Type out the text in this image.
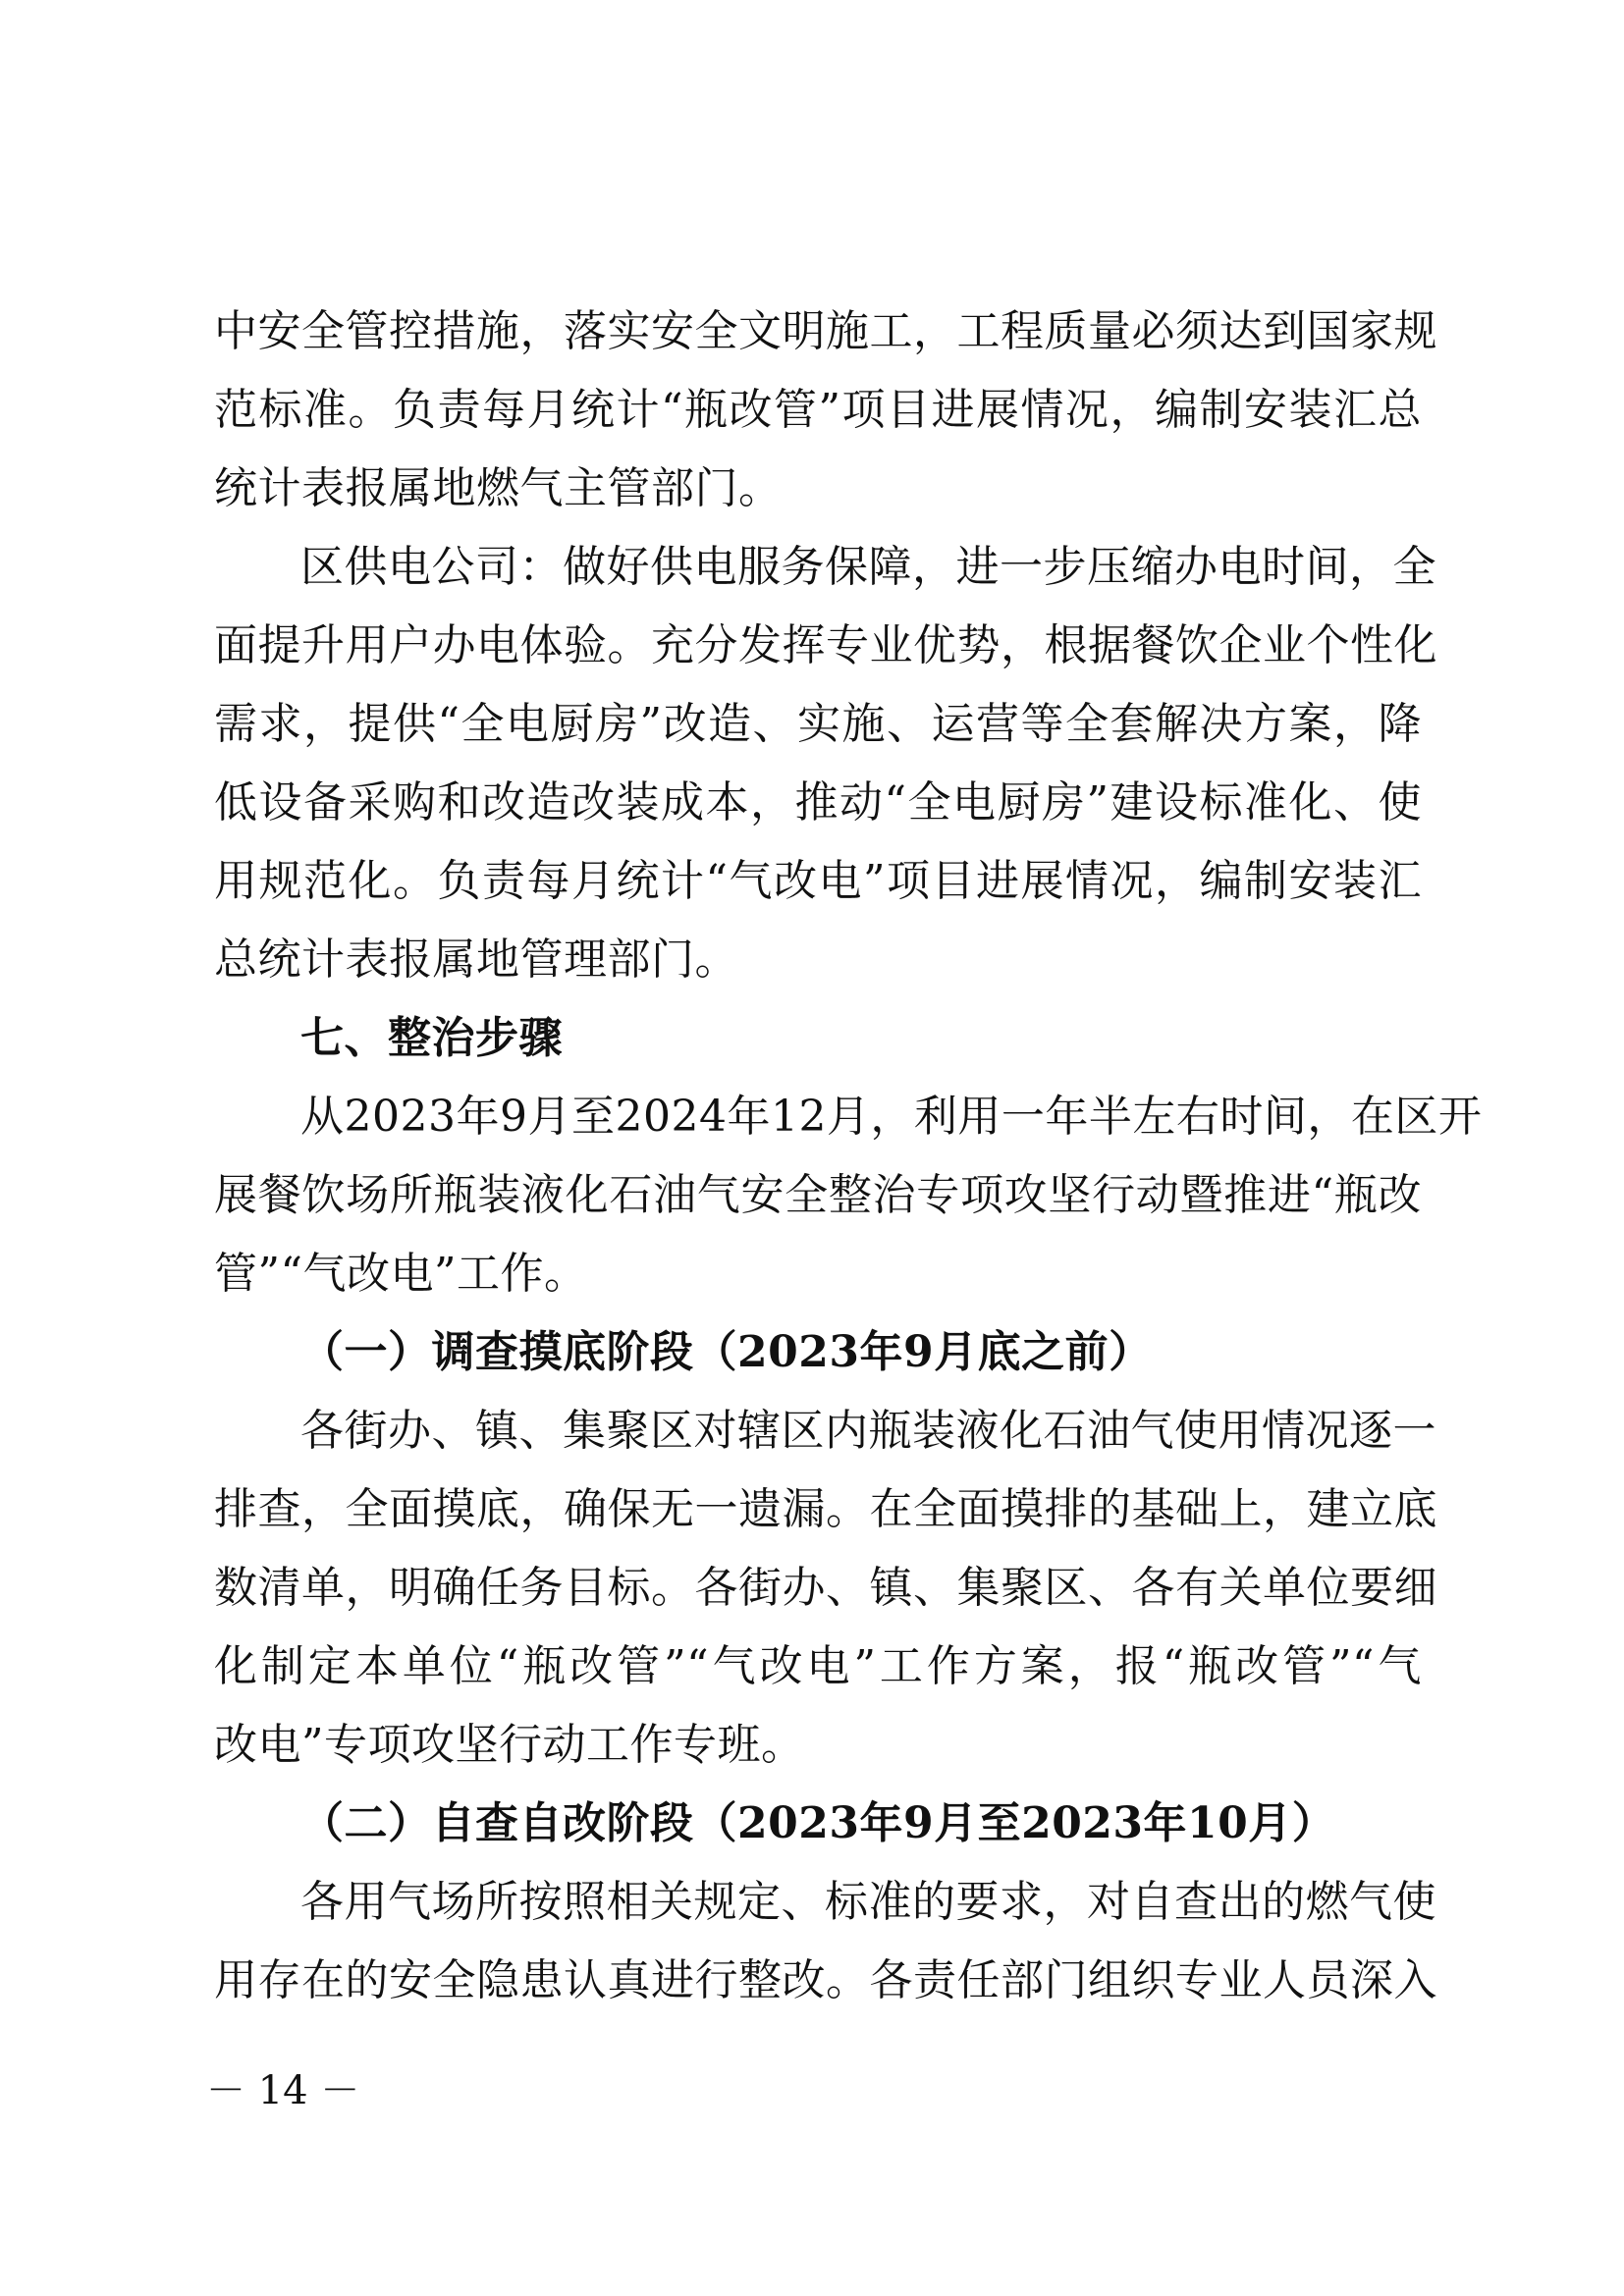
中安全管控措施，落实安全文明施工，工程质量必须达到国家规
范标准。负责每月统计“瓶改管”项目进展情况，编制安装汇总
统计表报属地燃气主管部门。
区供电公司：做好供电服务保障，进一步压缩办电时间，全
面提升用户办电体验。充分发挥专业优势，根据餐饮企业个性化
需求，提供“全电厨房”改造、实施、运营等全套解决方案，降
低设备采购和改造改装成本，推动“全电厨房”建设标准化、使
用规范化。负责每月统计“气改电”项目进展情况，编制安装汇
总统计表报属地管理部门。
七、整治步骤
从2023年9月至2024年12月，利用一年半左右时间，在区开
展餐饮场所瓶装液化石油气安全整治专项攻坚行动暨推进“瓶改
管”“气改电”工作。
（一）调查摸底阶段（2023年9月底之前）
各街办、镇、集聚区对辖区内瓶装液化石油气使用情况逐一
排查，全面摸底，确保无一遗漏。在全面摸排的基础上，建立底
数清单，明确任务目标。各街办、镇、集聚区、各有关单位要细
化制定本单位“瓶改管”“气改电”工作方案，报“瓶改管”“气
改电”专项攻坚行动工作专班。
（二）自查自改阶段（2023年9月至2023年10月）
各用气场所按照相关规定、标准的要求，对自查出的燃气使
用存在的安全隐患认真进行整改。各责任部门组织专业人员深入
－ 14 －
